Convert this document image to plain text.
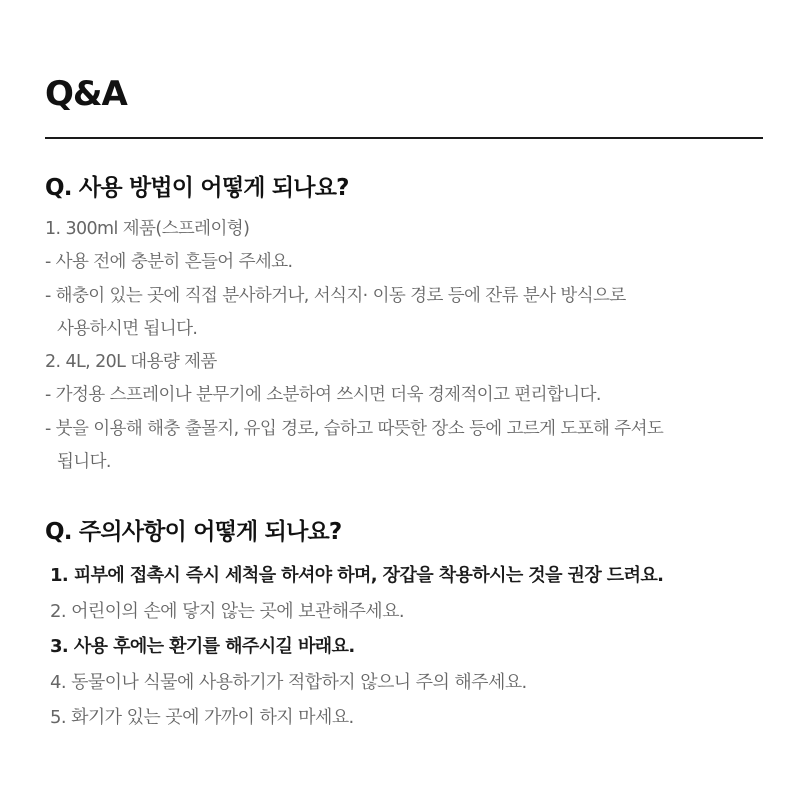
Q&A
Q. 사용 방법이 어떻게 되나요?
1. 300ml 제품(스프레이형)
- 사용 전에 충분히 흔들어 주세요.
- 해충이 있는 곳에 직접 분사하거나, 서식지· 이동 경로 등에 잔류 분사 방식으로
사용하시면 됩니다.
2. 4L, 20L 대용량 제품
- 가정용 스프레이나 분무기에 소분하여 쓰시면 더욱 경제적이고 편리합니다.
- 붓을 이용해 해충 출몰지, 유입 경로, 습하고 따뜻한 장소 등에 고르게 도포해 주셔도
됩니다.
Q. 주의사항이 어떻게 되나요?
1. 피부에 접촉시 즉시 세척을 하셔야 하며, 장갑을 착용하시는 것을 권장 드려요.
2. 어린이의 손에 닿지 않는 곳에 보관해주세요.
3. 사용 후에는 환기를 해주시길 바래요.
4. 동물이나 식물에 사용하기가 적합하지 않으니 주의 해주세요.
5. 화기가 있는 곳에 가까이 하지 마세요.
